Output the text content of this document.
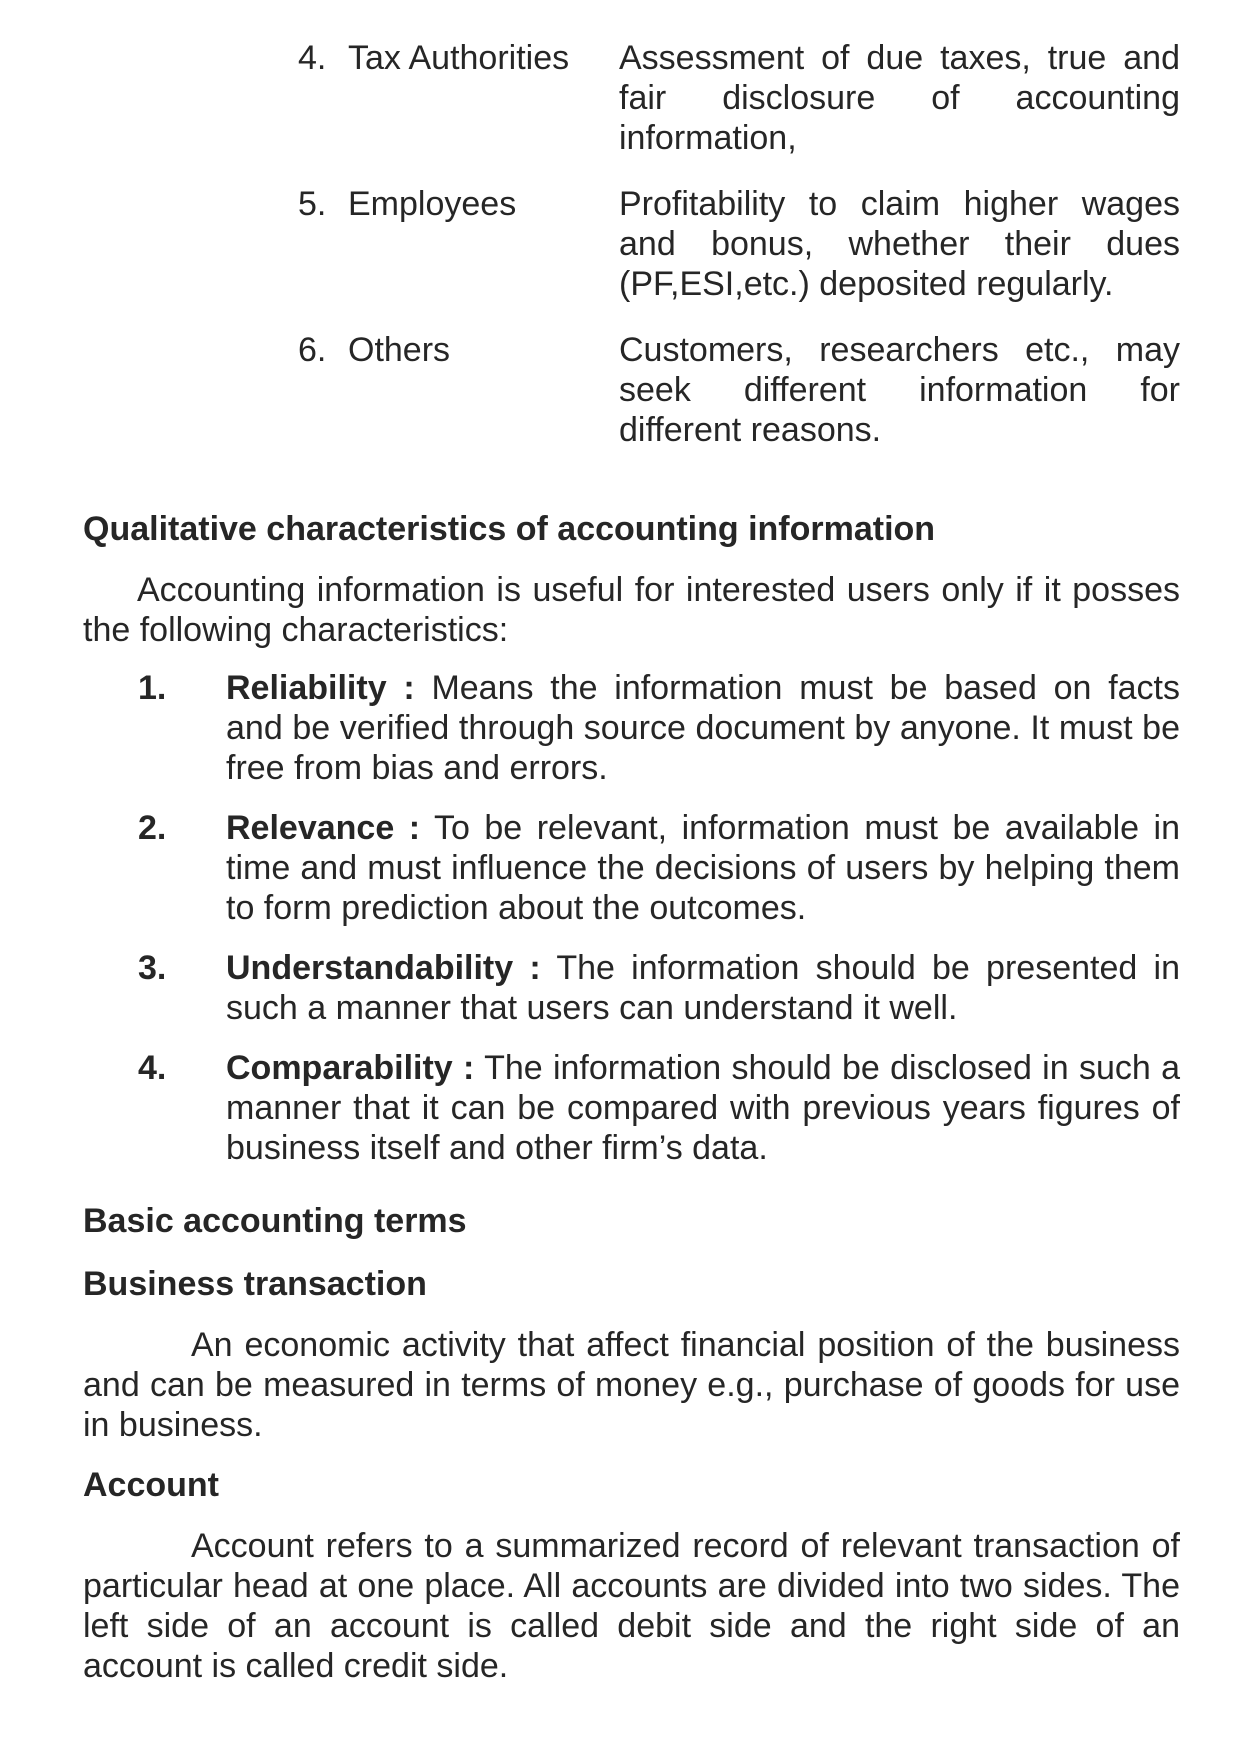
4. Tax Authorities	Assessment of due taxes, true and fair disclosure of accounting information,
5. Employees	Profitability to claim higher wages and bonus, whether their dues (PF,ESI,etc.) deposited regularly.
6. Others	Customers, researchers etc., may seek different information for different reasons.
Qualitative characteristics of accounting information

Accounting information is useful for interested users only if it posses the following characteristics:

1.	Reliability : Means the information must be based on facts and be verified through source document by anyone. It must be free from bias and errors.
2.	Relevance : To be relevant, information must be available in time and must influence the decisions of users by helping them to form prediction about the outcomes.
3.	Understandability : The information should be presented in such a manner that users can understand it well.
4.	Comparability : The information should be disclosed in such a manner that it can be compared with previous years figures of business itself and other firm’s data.
Basic accounting terms
Business transaction

An economic activity that affect financial position of the business and can be measured in terms of money e.g., purchase of goods for use in business.

Account

Account refers to a summarized record of relevant transaction of particular head at one place. All accounts are divided into two sides. The left side of an account is called debit side and the right side of an account is called credit side.
